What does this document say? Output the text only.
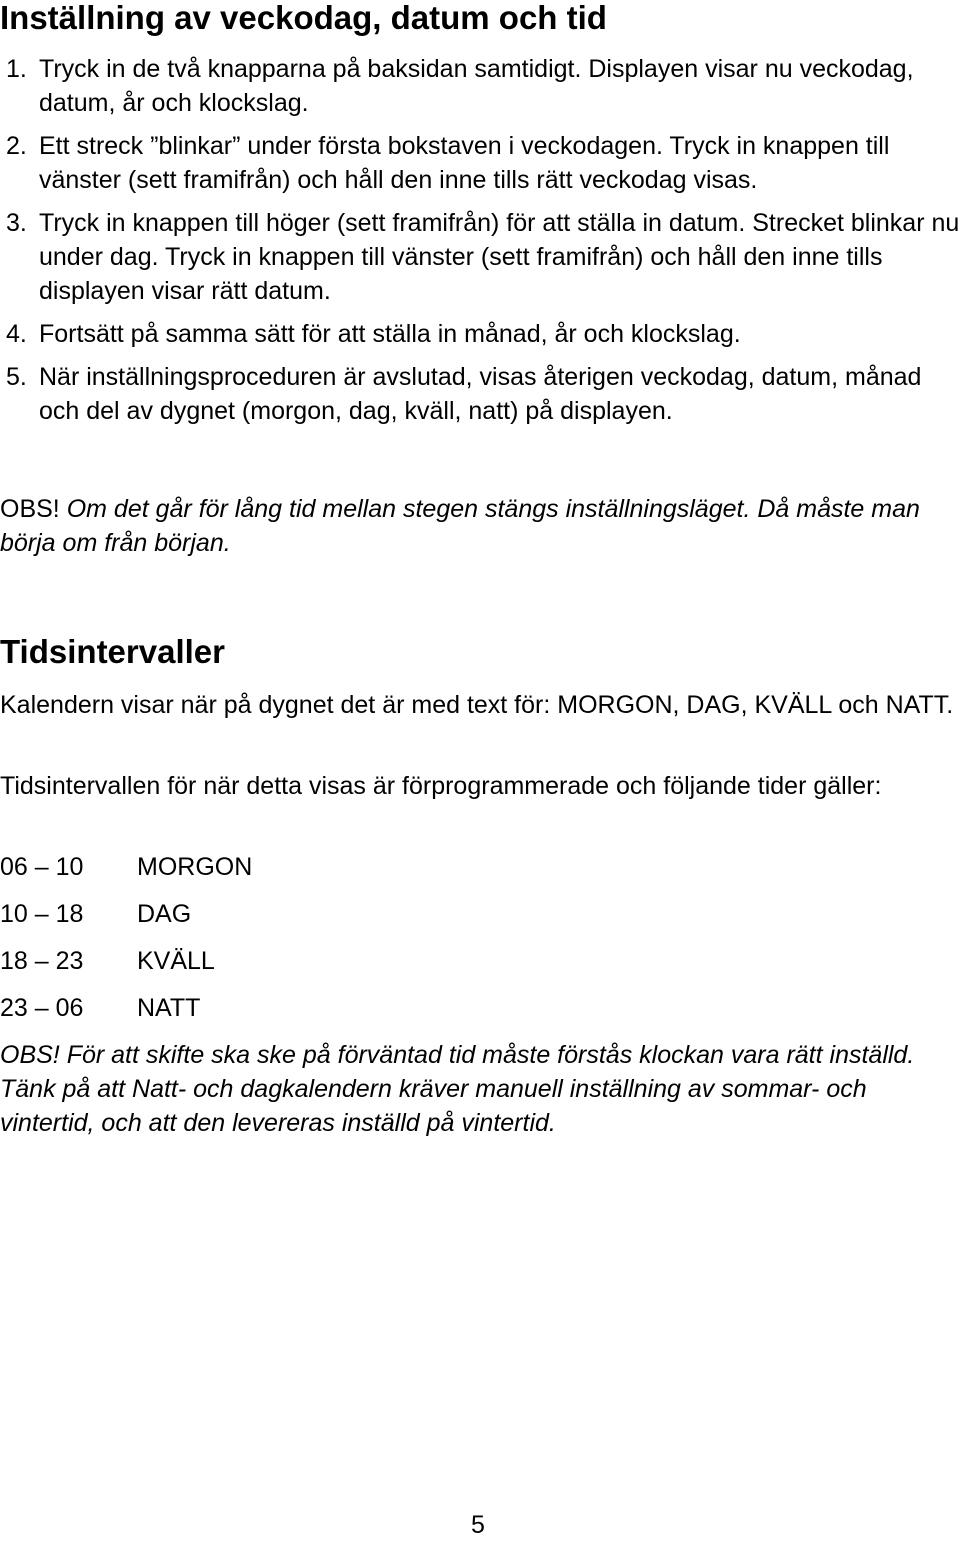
Inställning av veckodag, datum och tid
1. Tryck in de två knapparna på baksidan samtidigt. Displayen visar nu veckodag, datum, år och klockslag.
2. Ett streck ”blinkar” under första bokstaven i veckodagen. Tryck in knappen till vänster (sett framifrån) och håll den inne tills rätt veckodag visas.
3. Tryck in knappen till höger (sett framifrån) för att ställa in datum. Strecket blinkar nu under dag. Tryck in knappen till vänster (sett framifrån) och håll den inne tills displayen visar rätt datum.
4. Fortsätt på samma sätt för att ställa in månad, år och klockslag.
5. När inställningsproceduren är avslutad, visas återigen veckodag, datum, månad och del av dygnet (morgon, dag, kväll, natt) på displayen.

OBS! Om det går för lång tid mellan stegen stängs inställningsläget. Då måste man börja om från början.

Tidsintervaller

Kalendern visar när på dygnet det är med text för: MORGON, DAG, KVÄLL och NATT.

Tidsintervallen för när detta visas är förprogrammerade och följande tider gäller:

06 – 10 MORGON
10 – 18 DAG
18 – 23 KVÄLL
23 – 06 NATT

OBS! För att skifte ska ske på förväntad tid måste förstås klockan vara rätt inställd. Tänk på att Natt- och dagkalendern kräver manuell inställning av sommar- och vintertid, och att den levereras inställd på vintertid.

5
